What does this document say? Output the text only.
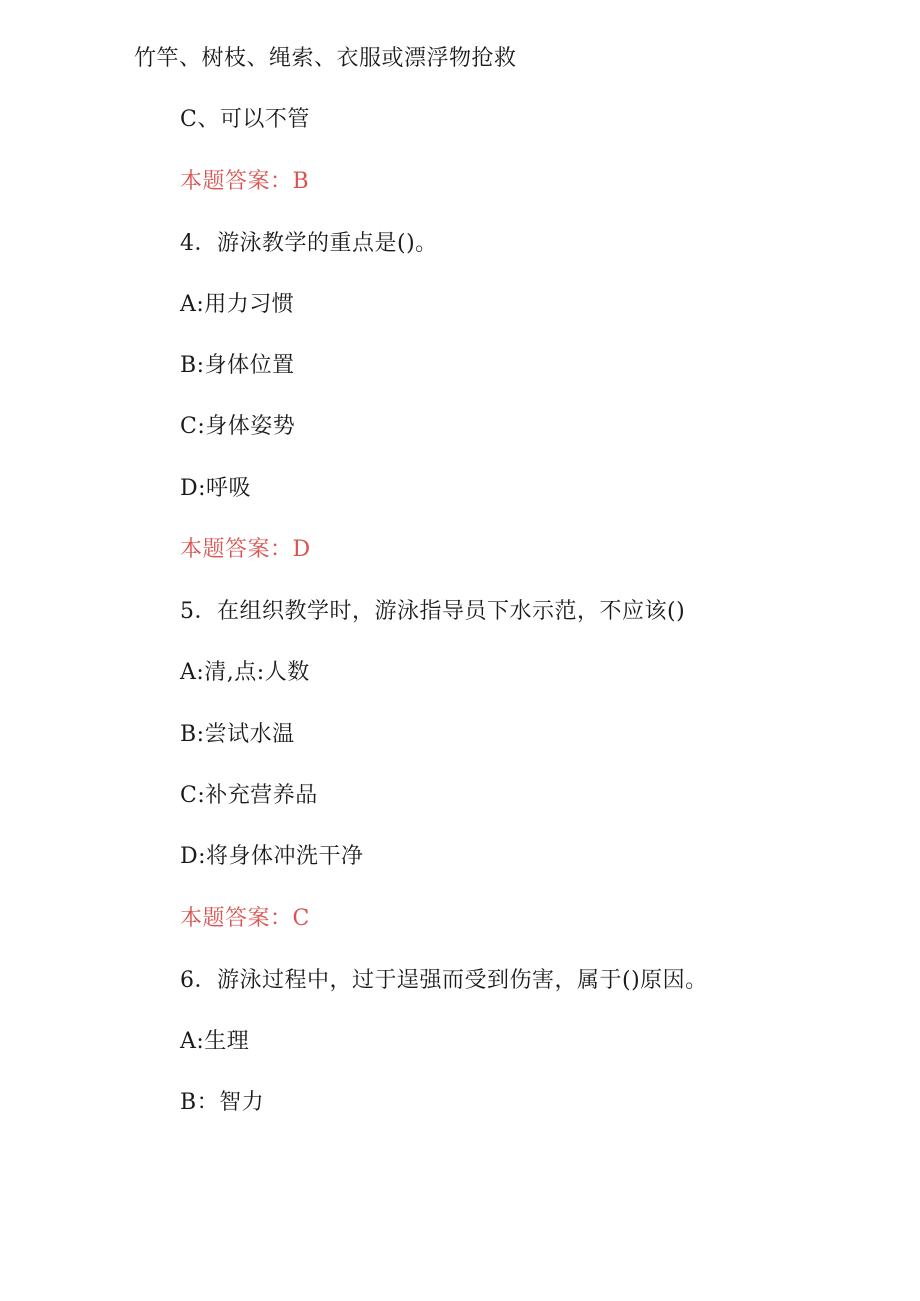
竹竿、树枝、绳索、衣服或漂浮物抢救
C、可以不管
本题答案：B
4．游泳教学的重点是()。
A:用力习惯
B:身体位置
C:身体姿势
D:呼吸
本题答案：D
5．在组织教学时，游泳指导员下水示范，不应该()
A:清,点:人数
B:尝试水温
C:补充营养品
D:将身体冲洗干净
本题答案：C
6．游泳过程中，过于逞强而受到伤害，属于()原因。
A:生理
B：智力
